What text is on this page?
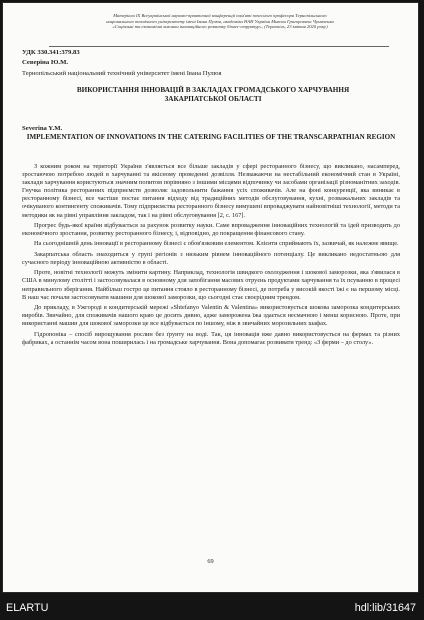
Матеріали ІХ Всеукраїнської науково-практичної конференції пам'яті почесного професора Тернопільського
національного технічного університету імені Івана Пулюя, академіка НАН України Миколи Григоровича Чумаченка
«Соціальні та економічні виклики інноваційного розвитку бізнес-структур», (Тернопіль, 23 квітня 2020 року)
УДК 330.341:379.83
Северіна Ю.М.
Тернопільський національний технічний університет імені Івана Пулюя
ВИКОРИСТАННЯ ІННОВАЦІЙ В ЗАКЛАДАХ ГРОМАДСЬКОГО ХАРЧУВАННЯ ЗАКАРПАТСЬКОЇ ОБЛАСТІ
Severina Y.M.
IMPLEMENTATION OF INNOVATIONS IN THE CATERING FACILITIES OF THE TRANSCARPATHIAN REGION

З кожним роком на території України з'являється все більше закладів у сфері ресторанного бізнесу, що викликано, насамперед, зростаючою потребою людей в харчуванні та якісному проведенні дозвілля. Незважаючи на нестабільний економічний стан в Україні, заклади харчування користуються значним попитом порівняно з іншими місцями відпочинку чи засобами організації різноманітних заходів. Гнучка політика ресторанних підприємств дозволяє задовольнити бажання усіх споживачів. Але на фоні конкуренції, яка виникає в ресторанному бізнесі, все частіше постає питання відходу від традиційних методів обслуговування, кухні, розважальних закладів та очікуваного контингенту споживачів. Тому підприємства ресторанного бізнесу вимушені впроваджувати найновітніші технології, методи та методики як на рівні управління закладом, так і на рівні обслуговування [2, с. 167].

Прогрес будь-якої країни відбувається за рахунок розвитку науки. Саме впровадження інноваційних технологій та ідей призводить до економічного зростання, розвитку ресторанного бізнесу, і, відповідно, до покращення фінансового стану.

На сьогоднішній день інновації в ресторанному бізнесі є обов'язковим елементом. Клієнти сприймають їх, зазвичай, як належне явище.

Закарпатська область знаходиться у групі регіонів з низьким рівнем інноваційного потенціалу. Це викликано недостатньою для сучасного періоду інноваційною активністю в області.

Проте, новітні технології можуть змінити картину. Наприклад, технологія швидкого охолодження і шокової заморозки, яка з'явилася в США в минулому столітті і застосовувалася в основному для запобігання масових отруєнь продуктами харчування та їх псуванню в процесі неправильного зберігання. Найбільш гостро це питання стояло в ресторанному бізнесі, де потреба у високій якості їжі є на першому місці. В наш час почали застосовувати машини для шокової заморозки, що сьогодні стає своєрідним трендом.

До прикладу, в Ужгороді в кондитерській мережі «Shtefanyo Valentin & Valentina» використовується шокова заморозка кондитерських виробів. Звичайно, для споживачів нашого краю це досить дивно, адже заморожена їжа здається несмачною і менш корисною. Проте, при використанні машин для шокової заморозки це все відбувається по іншому, ніж в звичайних морозильних шафах.

Гідропоніка – спосіб вирощування рослин без ґрунту на воді. Так, ця інновація вже давно використовується на фермах та різних фабриках, а останнім часом вона поширилась і на громадське харчування. Вона допомагає розвивати тренд: «З ферми – до столу».

69
ELARTU	hdl:lib/31647
